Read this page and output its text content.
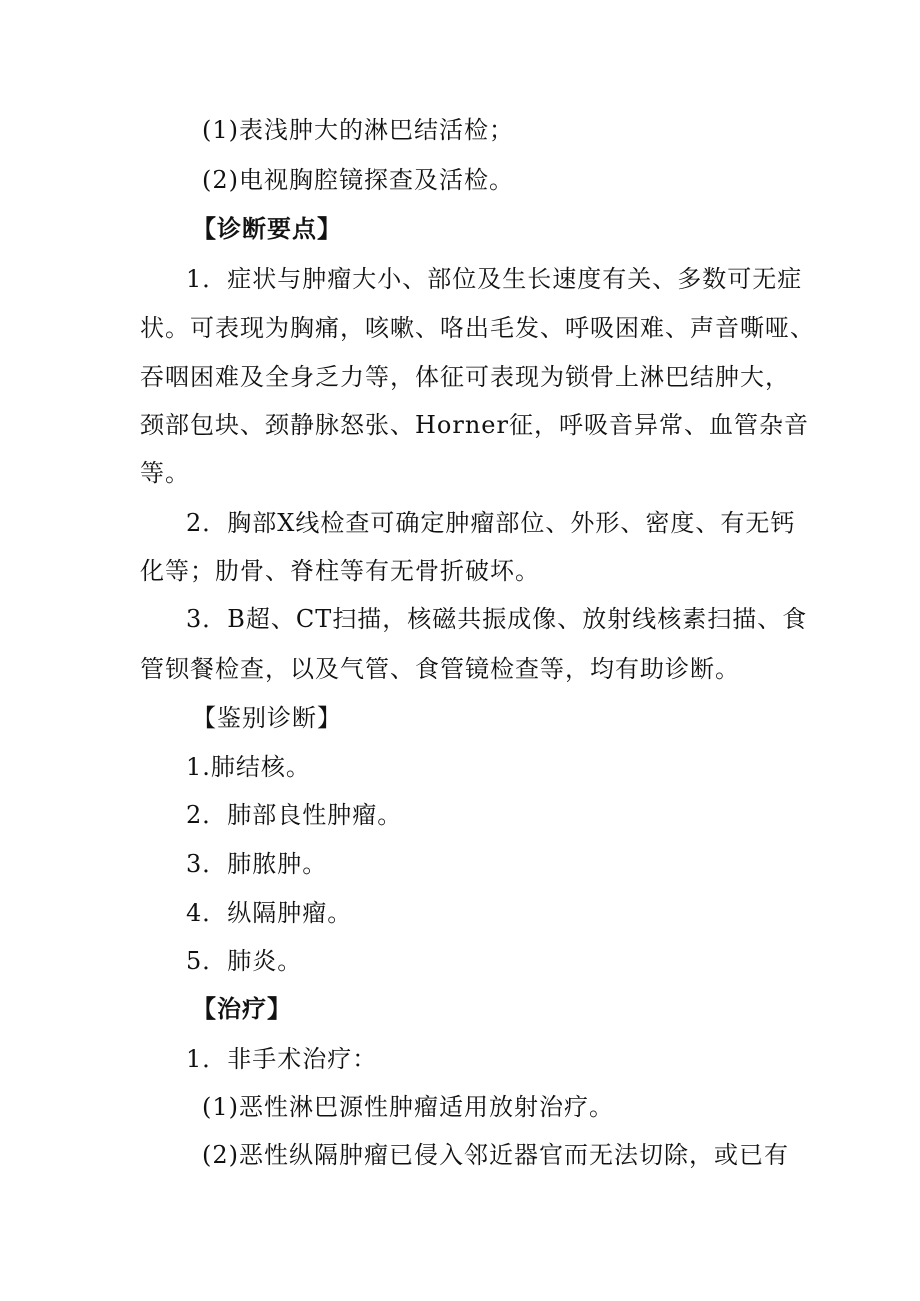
(1)表浅肿大的淋巴结活检；
(2)电视胸腔镜探查及活检。
【诊断要点】
1．症状与肿瘤大小、部位及生长速度有关、多数可无症
状。可表现为胸痛，咳嗽、咯出毛发、呼吸困难、声音嘶哑、
吞咽困难及全身乏力等，体征可表现为锁骨上淋巴结肿大，
颈部包块、颈静脉怒张、Horner征，呼吸音异常、血管杂音
等。
2．胸部X线检查可确定肿瘤部位、外形、密度、有无钙
化等；肋骨、脊柱等有无骨折破坏。
3．B超、CT扫描，核磁共振成像、放射线核素扫描、食
管钡餐检查，以及气管、食管镜检查等，均有助诊断。
【鉴别诊断】
1.肺结核。
2．肺部良性肿瘤。
3．肺脓肿。
4．纵隔肿瘤。
5．肺炎。
【治疗】
1．非手术治疗：
(1)恶性淋巴源性肿瘤适用放射治疗。
(2)恶性纵隔肿瘤已侵入邻近器官而无法切除，或已有
